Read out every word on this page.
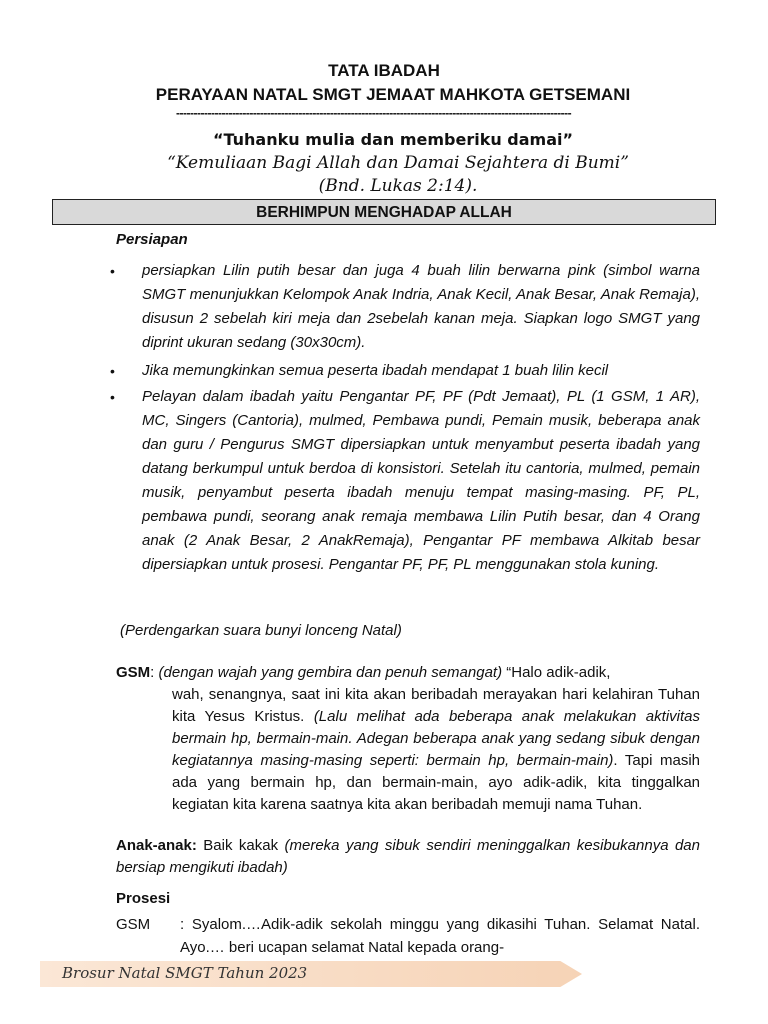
TATA IBADAH
PERAYAAN NATAL SMGT JEMAAT MAHKOTA GETSEMANI
-----------------------------------------------------------------------------------------------------------------
“Tuhanku mulia dan memberiku damai”
“Kemuliaan Bagi Allah dan Damai Sejahtera di Bumi”
(Bnd. Lukas 2:14).
BERHIMPUN MENGHADAP ALLAH
Persiapan
• persiapkan Lilin putih besar dan juga 4 buah lilin berwarna pink (simbol warna SMGT menunjukkan Kelompok Anak Indria, Anak Kecil, Anak Besar, Anak Remaja), disusun 2 sebelah kiri meja dan 2sebelah kanan meja. Siapkan logo SMGT yang diprint ukuran sedang (30x30cm).
• Jika memungkinkan semua peserta ibadah mendapat 1 buah lilin kecil
• Pelayan dalam ibadah yaitu Pengantar PF, PF (Pdt Jemaat), PL (1 GSM, 1 AR), MC, Singers (Cantoria), mulmed, Pembawa pundi, Pemain musik, beberapa anak dan guru / Pengurus SMGT dipersiapkan untuk menyambut peserta ibadah yang datang berkumpul untuk berdoa di konsistori. Setelah itu cantoria, mulmed, pemain musik, penyambut peserta ibadah menuju tempat masing-masing. PF, PL, pembawa pundi, seorang anak remaja membawa Lilin Putih besar, dan 4 Orang anak (2 Anak Besar, 2 AnakRemaja), Pengantar PF membawa Alkitab besar dipersiapkan untuk prosesi. Pengantar PF, PF, PL menggunakan stola kuning.
(Perdengarkan suara bunyi lonceng Natal)
GSM: (dengan wajah yang gembira dan penuh semangat) “Halo adik-adik,
wah, senangnya, saat ini kita akan beribadah merayakan hari kelahiran Tuhan kita Yesus Kristus. (Lalu melihat ada beberapa anak melakukan aktivitas bermain hp, bermain-main. Adegan beberapa anak yang sedang sibuk dengan kegiatannya masing-masing seperti: bermain hp, bermain-main). Tapi masih ada yang bermain hp, dan bermain-main, ayo adik-adik, kita tinggalkan kegiatan kita karena saatnya kita akan beribadah memuji nama Tuhan.
Anak-anak: Baik kakak (mereka yang sibuk sendiri meninggalkan kesibukannya dan bersiap mengikuti ibadah)
Prosesi
GSM : Syalom.…Adik-adik sekolah minggu yang dikasihi Tuhan. Selamat Natal. Ayo.… beri ucapan selamat Natal kepada orang-
Brosur Natal SMGT Tahun 2023
